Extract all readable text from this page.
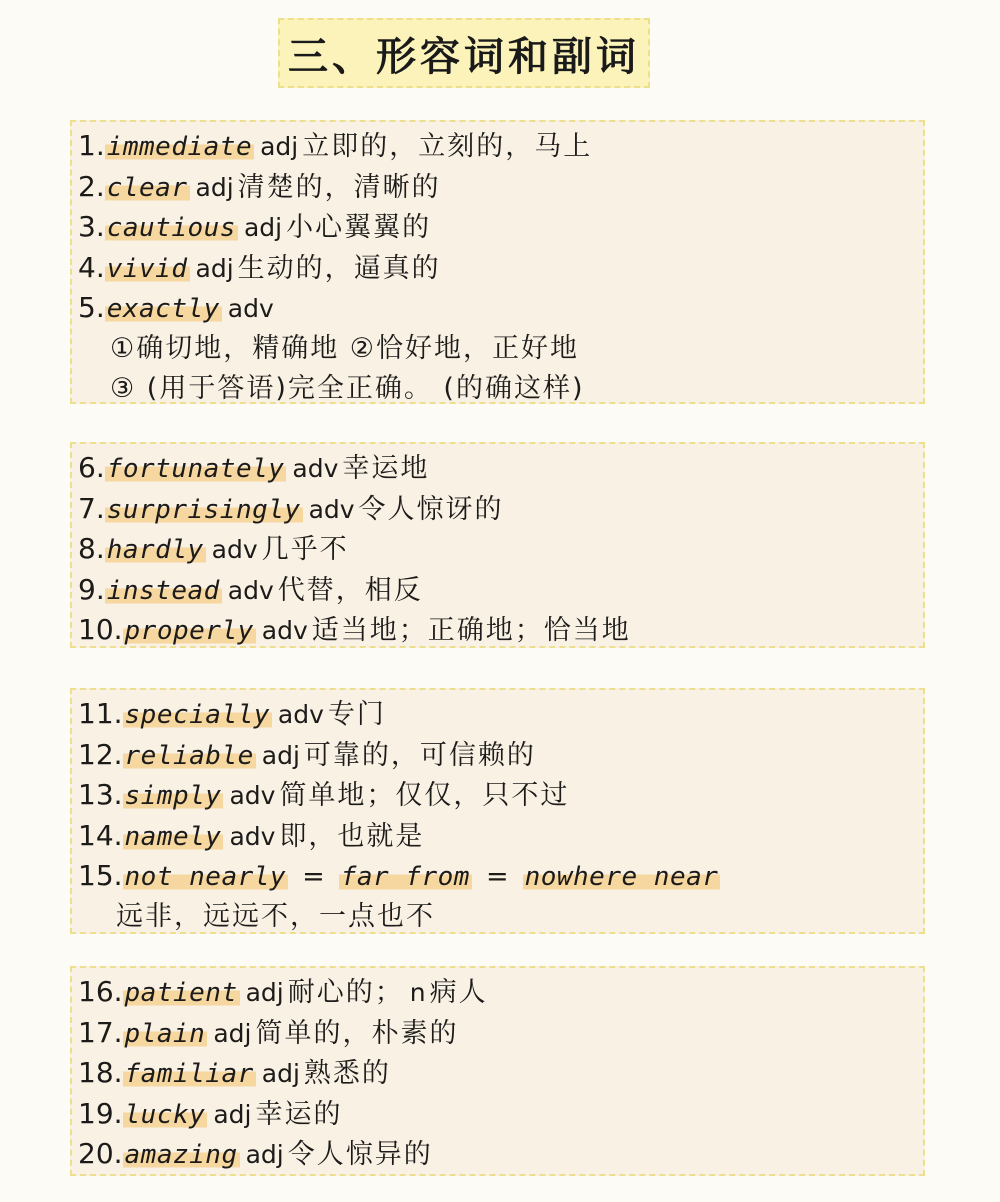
三、形容词和副词
1.immediate adj 立即的，立刻的，马上
2.clear adj 清楚的，清晰的
3.cautious adj 小心翼翼的
4.vivid adj 生动的，逼真的
5.exactly adv
①确切地，精确地 ②恰好地，正好地
③ (用于答语)完全正确。 (的确这样)
6.fortunately adv 幸运地
7.surprisingly adv 令人惊讶的
8.hardly adv 几乎不
9.instead adv 代替，相反
10.properly adv 适当地；正确地；恰当地
11.specially adv 专门
12.reliable adj 可靠的，可信赖的
13.simply adv 简单地；仅仅，只不过
14.namely adv 即，也就是
15.not nearly = far from = nowhere near
远非，远远不，一点也不
16.patient adj 耐心的； n 病人
17.plain adj 简单的，朴素的
18.familiar adj 熟悉的
19.lucky adj 幸运的
20.amazing adj 令人惊异的
